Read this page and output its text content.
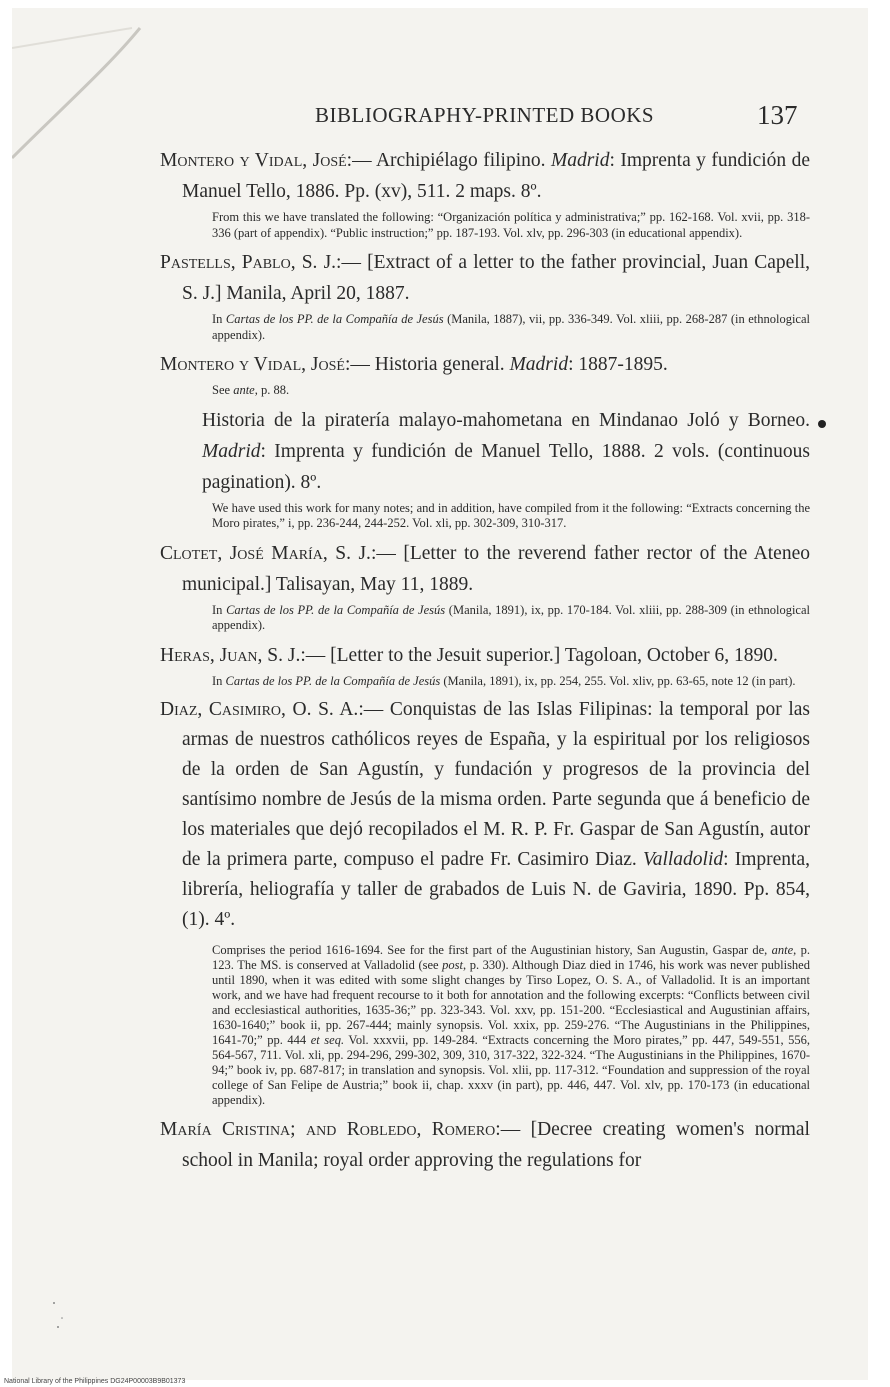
BIBLIOGRAPHY-PRINTED BOOKS	137

Montero y Vidal, José:— Archipiélago filipino. Madrid: Imprenta y fundición de Manuel Tello, 1886. Pp. (xv), 511. 2 maps. 8º.

From this we have translated the following: “Organización política y administrativa;” pp. 162-168. Vol. xvii, pp. 318-336 (part of appendix). “Public instruction;” pp. 187-193. Vol. xlv, pp. 296-303 (in educational appendix).

Pastells, Pablo, S. J.:— [Extract of a letter to the father provincial, Juan Capell, S. J.] Manila, April 20, 1887.

In Cartas de los PP. de la Compañía de Jesús (Manila, 1887), vii, pp. 336-349. Vol. xliii, pp. 268-287 (in ethnological appendix).

Montero y Vidal, José:— Historia general. Madrid: 1887-1895.

See ante, p. 88.

Historia de la piratería malayo-mahometana en Mindanao Joló y Borneo. Madrid: Imprenta y fundición de Manuel Tello, 1888. 2 vols. (continuous pagination). 8º.

We have used this work for many notes; and in addition, have compiled from it the following: “Extracts concerning the Moro pirates,” i, pp. 236-244, 244-252. Vol. xli, pp. 302-309, 310-317.

Clotet, José María, S. J.:— [Letter to the reverend father rector of the Ateneo municipal.] Talisayan, May 11, 1889.

In Cartas de los PP. de la Compañía de Jesús (Manila, 1891), ix, pp. 170-184. Vol. xliii, pp. 288-309 (in ethnological appendix).

Heras, Juan, S. J.:— [Letter to the Jesuit superior.] Tagoloan, October 6, 1890.

In Cartas de los PP. de la Compañía de Jesús (Manila, 1891), ix, pp. 254, 255. Vol. xliv, pp. 63-65, note 12 (in part).

Diaz, Casimiro, O. S. A.:— Conquistas de las Islas Filipinas: la temporal por las armas de nuestros cathólicos reyes de España, y la espiritual por los religiosos de la orden de San Agustín, y fundación y progresos de la provincia del santísimo nombre de Jesús de la misma orden. Parte segunda que á beneficio de los materiales que dejó recopilados el M. R. P. Fr. Gaspar de San Agustín, autor de la primera parte, compuso el padre Fr. Casimiro Diaz. Valladolid: Imprenta, librería, heliografía y taller de grabados de Luis N. de Gaviria, 1890. Pp. 854, (1). 4º.

Comprises the period 1616-1694. See for the first part of the Augustinian history, San Augustin, Gaspar de, ante, p. 123. The MS. is conserved at Valladolid (see post, p. 330). Although Diaz died in 1746, his work was never published until 1890, when it was edited with some slight changes by Tirso Lopez, O. S. A., of Valladolid. It is an important work, and we have had frequent recourse to it both for annotation and the following excerpts: “Conflicts between civil and ecclesiastical authorities, 1635-36;” pp. 323-343. Vol. xxv, pp. 151-200. “Ecclesiastical and Augustinian affairs, 1630-1640;” book ii, pp. 267-444; mainly synopsis. Vol. xxix, pp. 259-276. “The Augustinians in the Philippines, 1641-70;” pp. 444 et seq. Vol. xxxvii, pp. 149-284. “Extracts concerning the Moro pirates,” pp. 447, 549-551, 556, 564-567, 711. Vol. xli, pp. 294-296, 299-302, 309, 310, 317-322, 322-324. “The Augustinians in the Philippines, 1670-94;” book iv, pp. 687-817; in translation and synopsis. Vol. xlii, pp. 117-312. “Foundation and suppression of the royal college of San Felipe de Austria;” book ii, chap. xxxv (in part), pp. 446, 447. Vol. xlv, pp. 170-173 (in educational appendix).

María Cristina; and Robledo, Romero:— [Decree creating women's normal school in Manila; royal order approving the regulations for

National Library of the Philippines DG24P00003B9B01373
